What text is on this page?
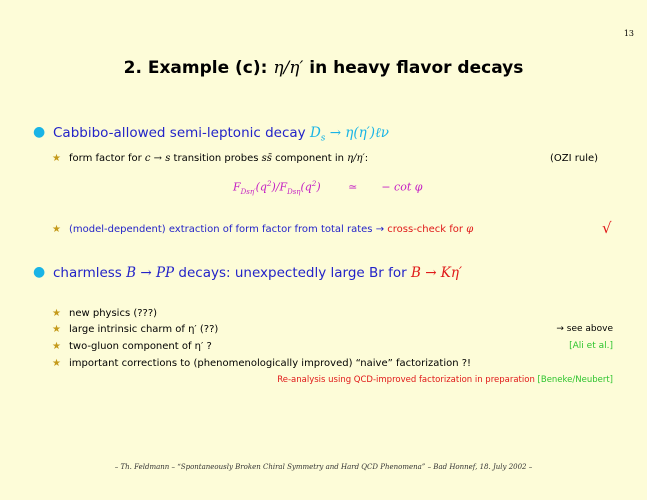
13
2. Example (c): η/η′ in heavy flavor decays
● Cabbibo-allowed semi-leptonic decay $D_s$ → η(η′)ℓν
★ form factor for c → s transition probes ss̄ component in η/η′:	(OZI rule)
$F_{Ds\eta'}(q^2)/F_{Ds\eta}(q^2)$	≃ − cot φ
★ (model-dependent) extraction of form factor from total rates → cross-check for φ	√
● charmless B → PP decays: unexpectedly large Br for B → Kη′
★ new physics (???)
★ large intrinsic charm of η′ (??)	→ see above
★ two-gluon component of η′ ?	[Ali et al.]
★ important corrections to (phenomenologically improved) “naive” factorization ?!
Re-analysis using QCD-improved factorization in preparation [Beneke/Neubert]
– Th. Feldmann – “Spontaneously Broken Chiral Symmetry and Hard QCD Phenomena” – Bad Honnef, 18. July 2002 –
